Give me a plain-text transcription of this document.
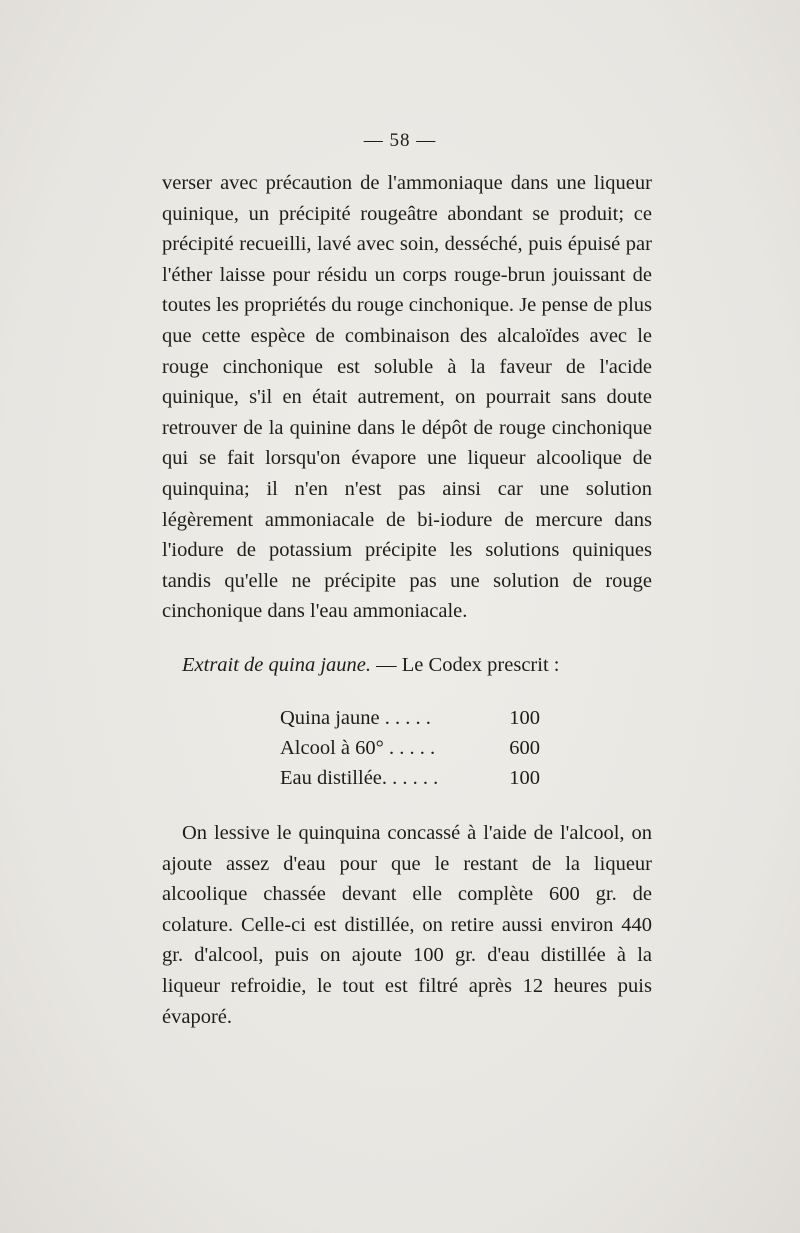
— 58 —

verser avec précaution de l'ammoniaque dans une liqueur quinique, un précipité rougeâtre abondant se produit; ce précipité recueilli, lavé avec soin, desséché, puis épuisé par l'éther laisse pour résidu un corps rouge-brun jouissant de toutes les propriétés du rouge cinchonique. Je pense de plus que cette espèce de combinaison des alcaloïdes avec le rouge cinchonique est soluble à la faveur de l'acide quinique, s'il en était autrement, on pourrait sans doute retrouver de la quinine dans le dépôt de rouge cinchonique qui se fait lorsqu'on évapore une liqueur alcoolique de quinquina; il n'en n'est pas ainsi car une solution légèrement ammoniacale de bi-iodure de mercure dans l'iodure de potassium précipite les solutions quiniques tandis qu'elle ne précipite pas une solution de rouge cinchonique dans l'eau ammoniacale.

Extrait de quina jaune. — Le Codex prescrit :
Quina jaune . . . . .	100
Alcool à 60° . . . . .	600
Eau distillée. . . . . .	100

On lessive le quinquina concassé à l'aide de l'alcool, on ajoute assez d'eau pour que le restant de la liqueur alcoolique chassée devant elle complète 600 gr. de colature. Celle-ci est distillée, on retire aussi environ 440 gr. d'alcool, puis on ajoute 100 gr. d'eau distillée à la liqueur refroidie, le tout est filtré après 12 heures puis évaporé.
